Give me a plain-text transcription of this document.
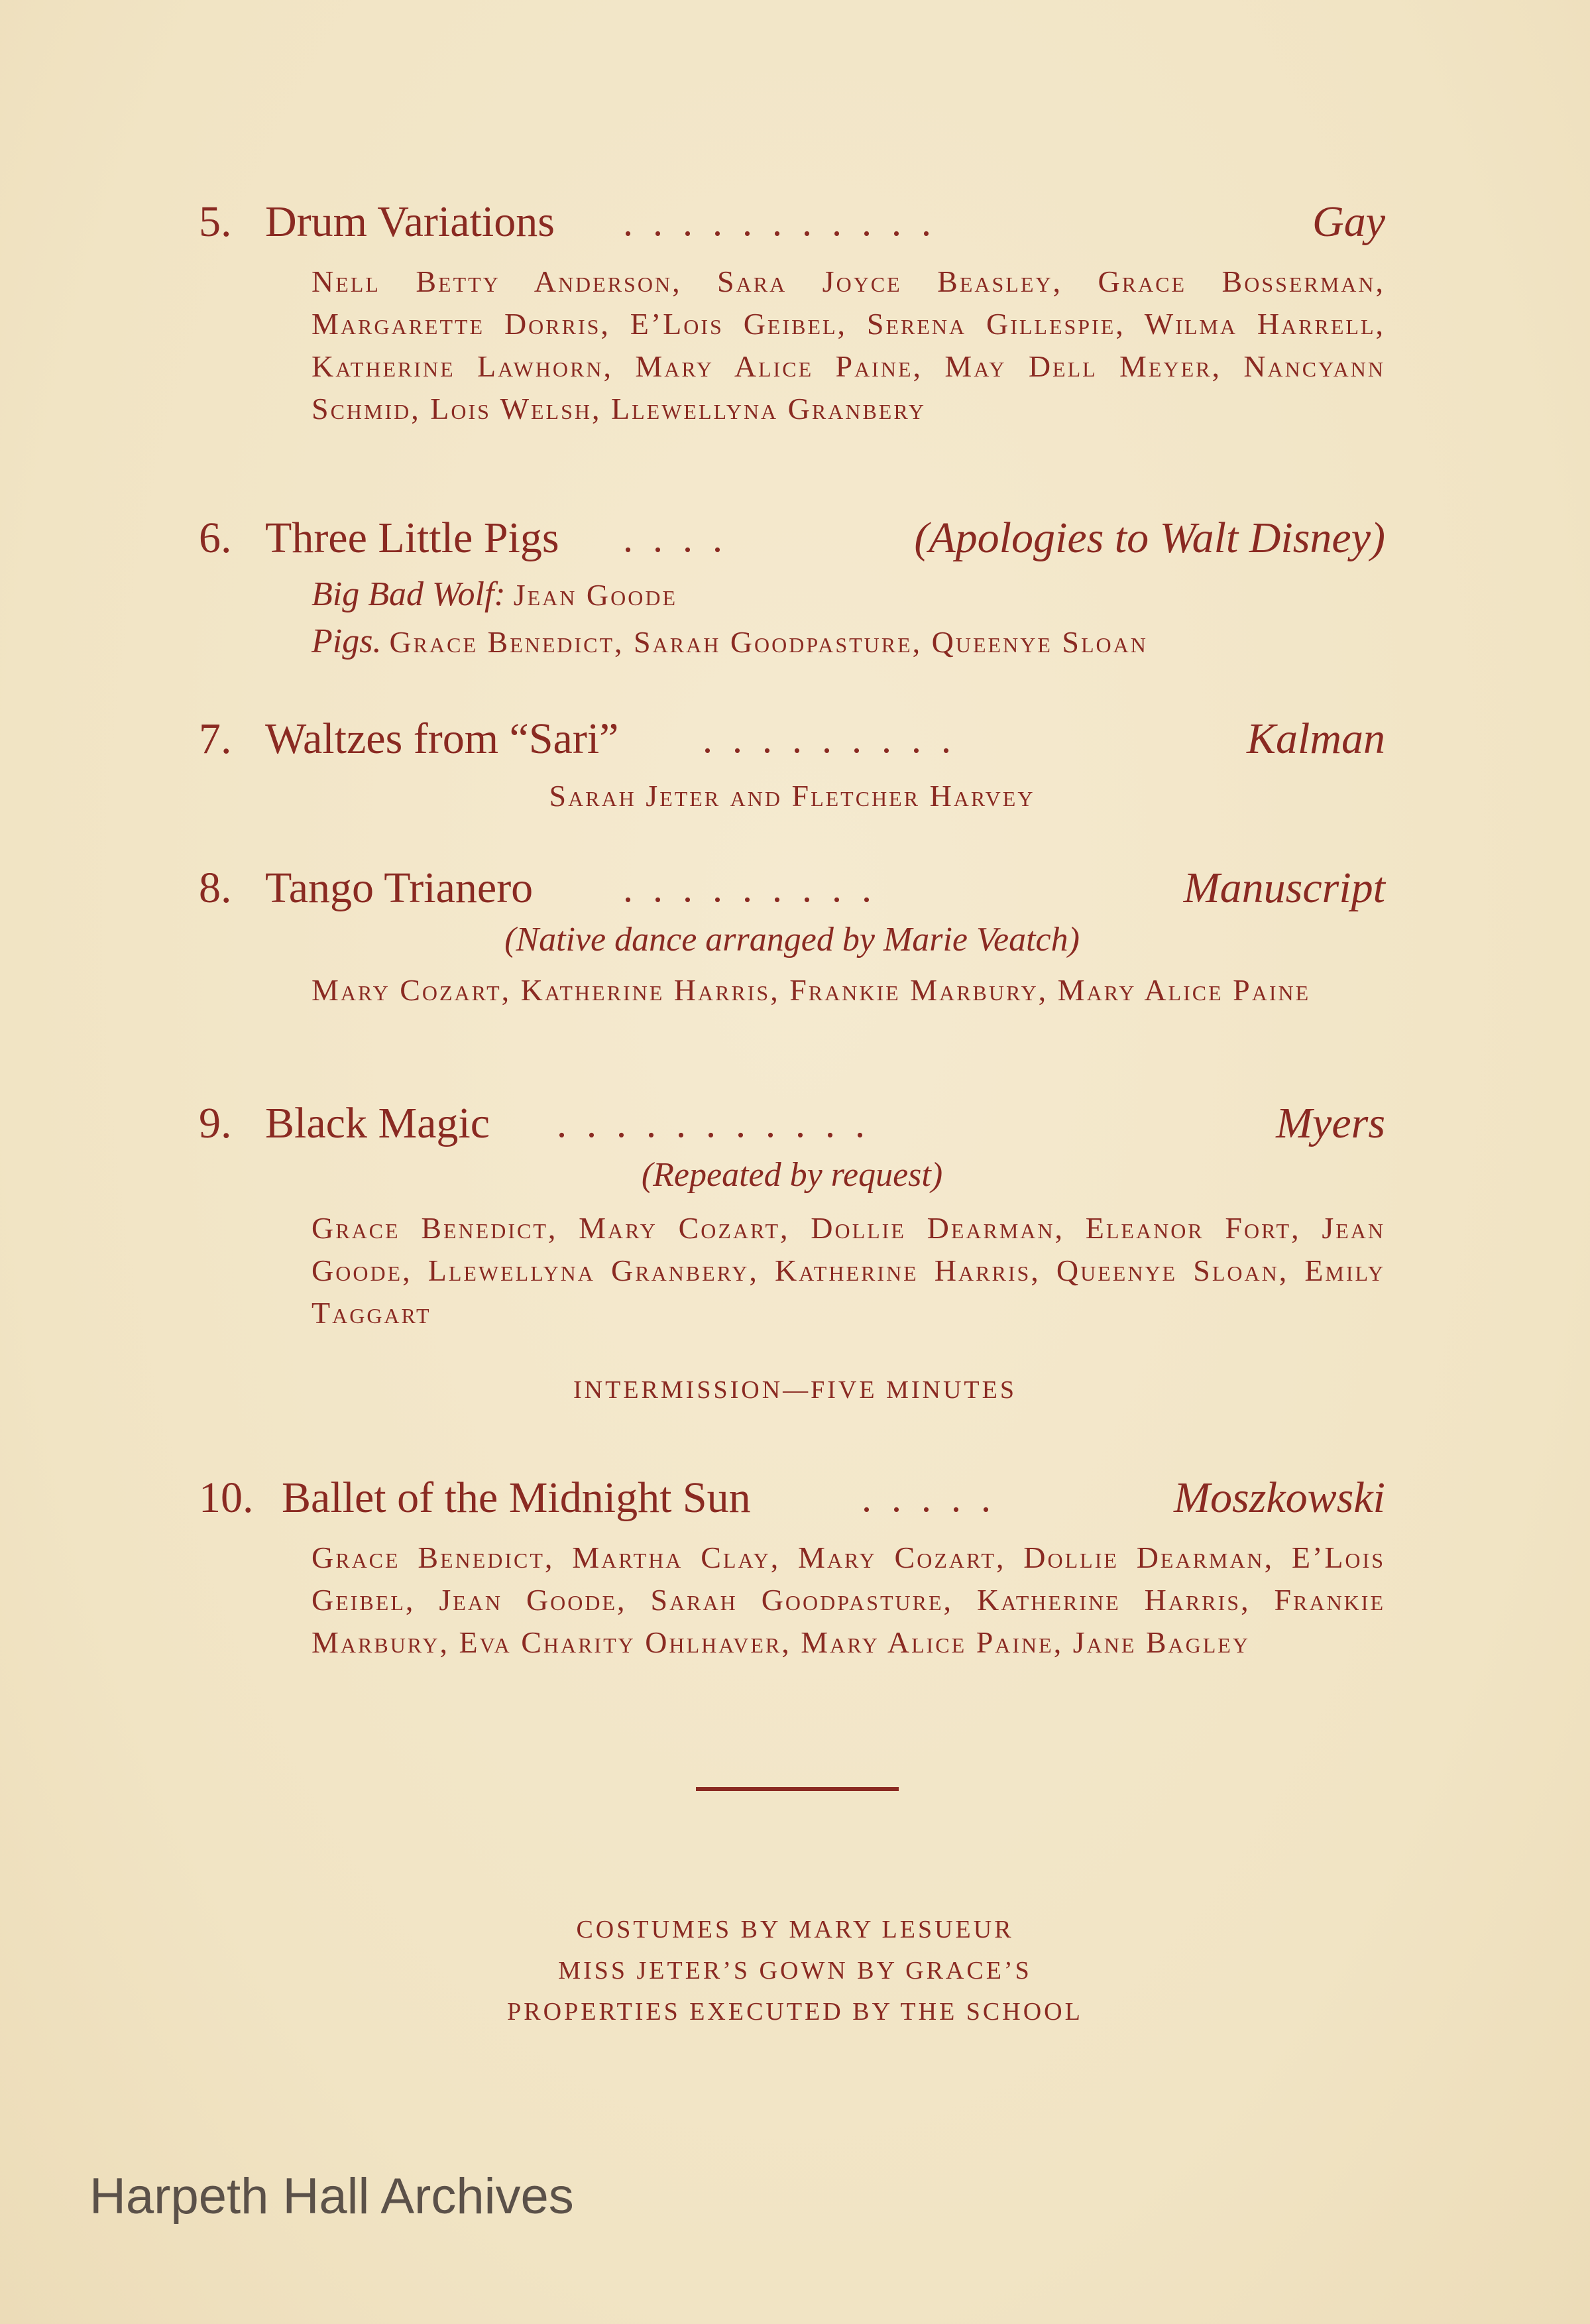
5. Drum Variations ...........	Gay
Nell Betty Anderson, Sara Joyce Beasley, Grace Bosserman, Margarette Dorris, E’Lois Geibel, Serena Gillespie, Wilma Harrell, Katherine Lawhorn, Mary Alice Paine, May Dell Meyer, Nancyann Schmid, Lois Welsh, Llewellyna Granbery
6. Three Little Pigs ....	(Apologies to Walt Disney)
Big Bad Wolf: Jean Goode
Pigs. Grace Benedict, Sarah Goodpasture, Queenye Sloan
7. Waltzes from “Sari” .........	Kalman
Sarah Jeter and Fletcher Harvey
8. Tango Trianero .........	Manuscript
(Native dance arranged by Marie Veatch)
Mary Cozart, Katherine Harris, Frankie Marbury, Mary Alice Paine
9. Black Magic ...........	Myers
(Repeated by request)
Grace Benedict, Mary Cozart, Dollie Dearman, Eleanor Fort, Jean Goode, Llewellyna Granbery, Katherine Harris, Queenye Sloan, Emily Taggart
INTERMISSION—FIVE MINUTES
10. Ballet of the Midnight Sun	.....	Moszkowski
Grace Benedict, Martha Clay, Mary Cozart, Dollie Dearman, E’Lois Geibel, Jean Goode, Sarah Goodpasture, Katherine Harris, Frankie Marbury, Eva Charity Ohlhaver, Mary Alice Paine, Jane Bagley
COSTUMES BY MARY LESUEUR
MISS JETER’S GOWN BY GRACE’S
PROPERTIES EXECUTED BY THE SCHOOL
Harpeth Hall Archives
